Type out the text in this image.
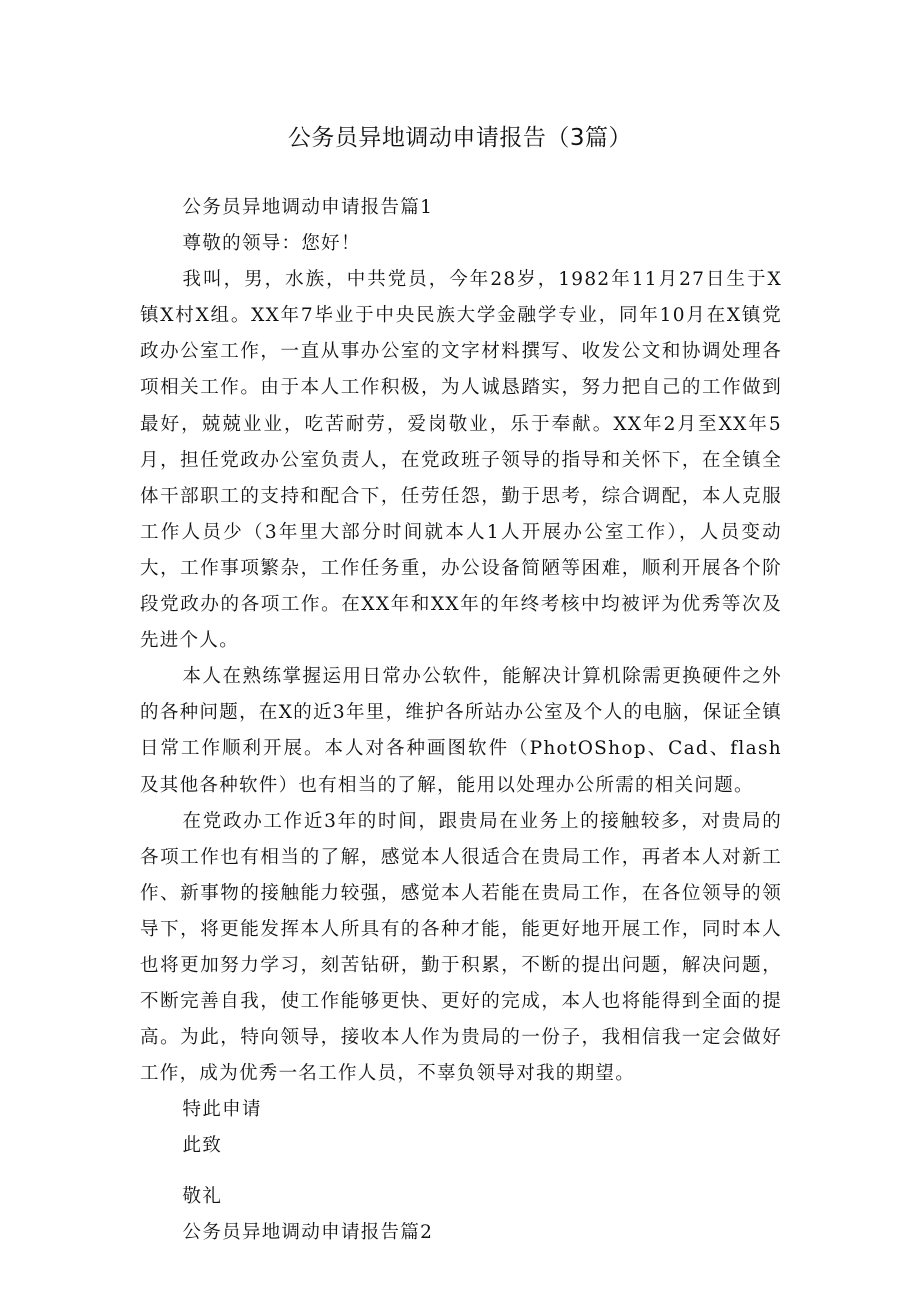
公务员异地调动申请报告（3篇）

公务员异地调动申请报告篇1

尊敬的领导：您好！

我叫，男，水族，中共党员，今年28岁，1982年11月27日生于X镇X村X组。XX年7毕业于中央民族大学金融学专业，同年10月在X镇党政办公室工作，一直从事办公室的文字材料撰写、收发公文和协调处理各项相关工作。由于本人工作积极，为人诚恳踏实，努力把自己的工作做到最好，兢兢业业，吃苦耐劳，爱岗敬业，乐于奉献。XX年2月至XX年5月，担任党政办公室负责人，在党政班子领导的指导和关怀下，在全镇全体干部职工的支持和配合下，任劳任怨，勤于思考，综合调配，本人克服工作人员少（3年里大部分时间就本人1人开展办公室工作），人员变动大，工作事项繁杂，工作任务重，办公设备简陋等困难，顺利开展各个阶段党政办的各项工作。在XX年和XX年的年终考核中均被评为优秀等次及先进个人。

本人在熟练掌握运用日常办公软件，能解决计算机除需更换硬件之外的各种问题，在X的近3年里，维护各所站办公室及个人的电脑，保证全镇日常工作顺利开展。本人对各种画图软件（PhotOShop、Cad、flash及其他各种软件）也有相当的了解，能用以处理办公所需的相关问题。

在党政办工作近3年的时间，跟贵局在业务上的接触较多，对贵局的各项工作也有相当的了解，感觉本人很适合在贵局工作，再者本人对新工作、新事物的接触能力较强，感觉本人若能在贵局工作，在各位领导的领导下，将更能发挥本人所具有的各种才能，能更好地开展工作，同时本人也将更加努力学习，刻苦钻研，勤于积累，不断的提出问题，解决问题，不断完善自我，使工作能够更快、更好的完成，本人也将能得到全面的提高。为此，特向领导，接收本人作为贵局的一份子，我相信我一定会做好工作，成为优秀一名工作人员，不辜负领导对我的期望。

特此申请

此致

敬礼

公务员异地调动申请报告篇2
